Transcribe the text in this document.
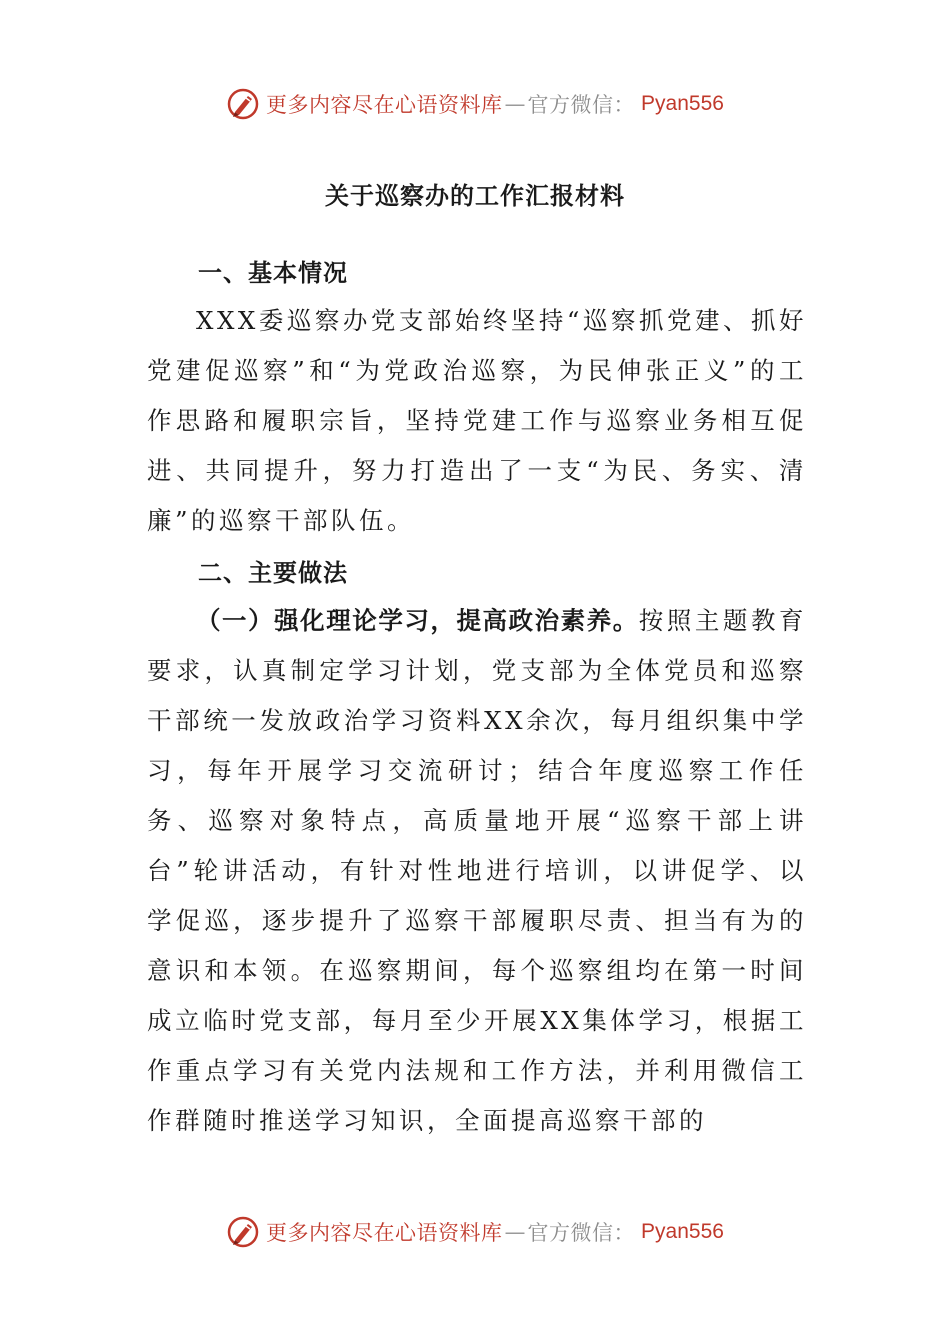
更多内容尽在心语资料库 — 官方微信： Pyan556
关于巡察办的工作汇报材料
一、基本情况

XXX委巡察办党支部始终坚持“巡察抓党建、抓好党建促巡察”和“为党政治巡察，为民伸张正义”的工作思路和履职宗旨，坚持党建工作与巡察业务相互促进、共同提升，努力打造出了一支“为民、务实、清廉”的巡察干部队伍。

二、主要做法

（一）强化理论学习，提高政治素养。按照主题教育要求，认真制定学习计划，党支部为全体党员和巡察干部统一发放政治学习资料XX余次，每月组织集中学习，每年开展学习交流研讨；结合年度巡察工作任务、巡察对象特点，高质量地开展“巡察干部上讲台”轮讲活动，有针对性地进行培训，以讲促学、以学促巡，逐步提升了巡察干部履职尽责、担当有为的意识和本领。在巡察期间，每个巡察组均在第一时间成立临时党支部，每月至少开展XX集体学习，根据工作重点学习有关党内法规和工作方法，并利用微信工作群随时推送学习知识，全面提高巡察干部的

更多内容尽在心语资料库 — 官方微信： Pyan556
